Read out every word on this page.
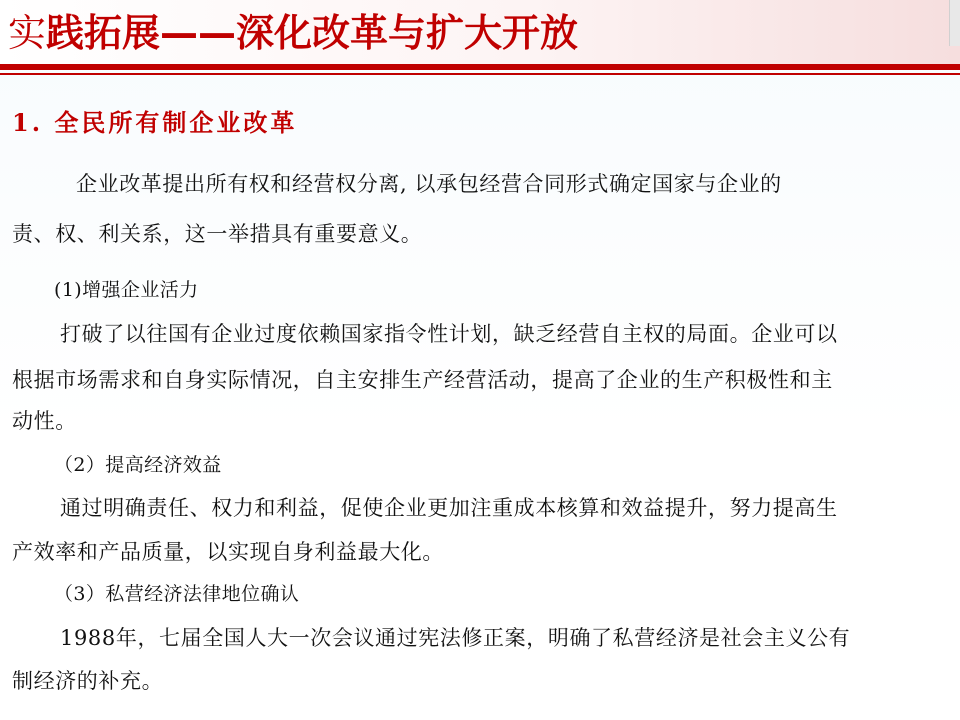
实践拓展——深化改革与扩大开放
1. 全民所有制企业改革
企业改革提出所有权和经营权分离, 以承包经营合同形式确定国家与企业的
责、权、利关系，这一举措具有重要意义。
(1)增强企业活力
打破了以往国有企业过度依赖国家指令性计划，缺乏经营自主权的局面。企业可以
根据市场需求和自身实际情况，自主安排生产经营活动，提高了企业的生产积极性和主
动性。
（2）提高经济效益
通过明确责任、权力和利益，促使企业更加注重成本核算和效益提升，努力提高生
产效率和产品质量，以实现自身利益最大化。
（3）私营经济法律地位确认
1988年，七届全国人大一次会议通过宪法修正案，明确了私营经济是社会主义公有
制经济的补充。
